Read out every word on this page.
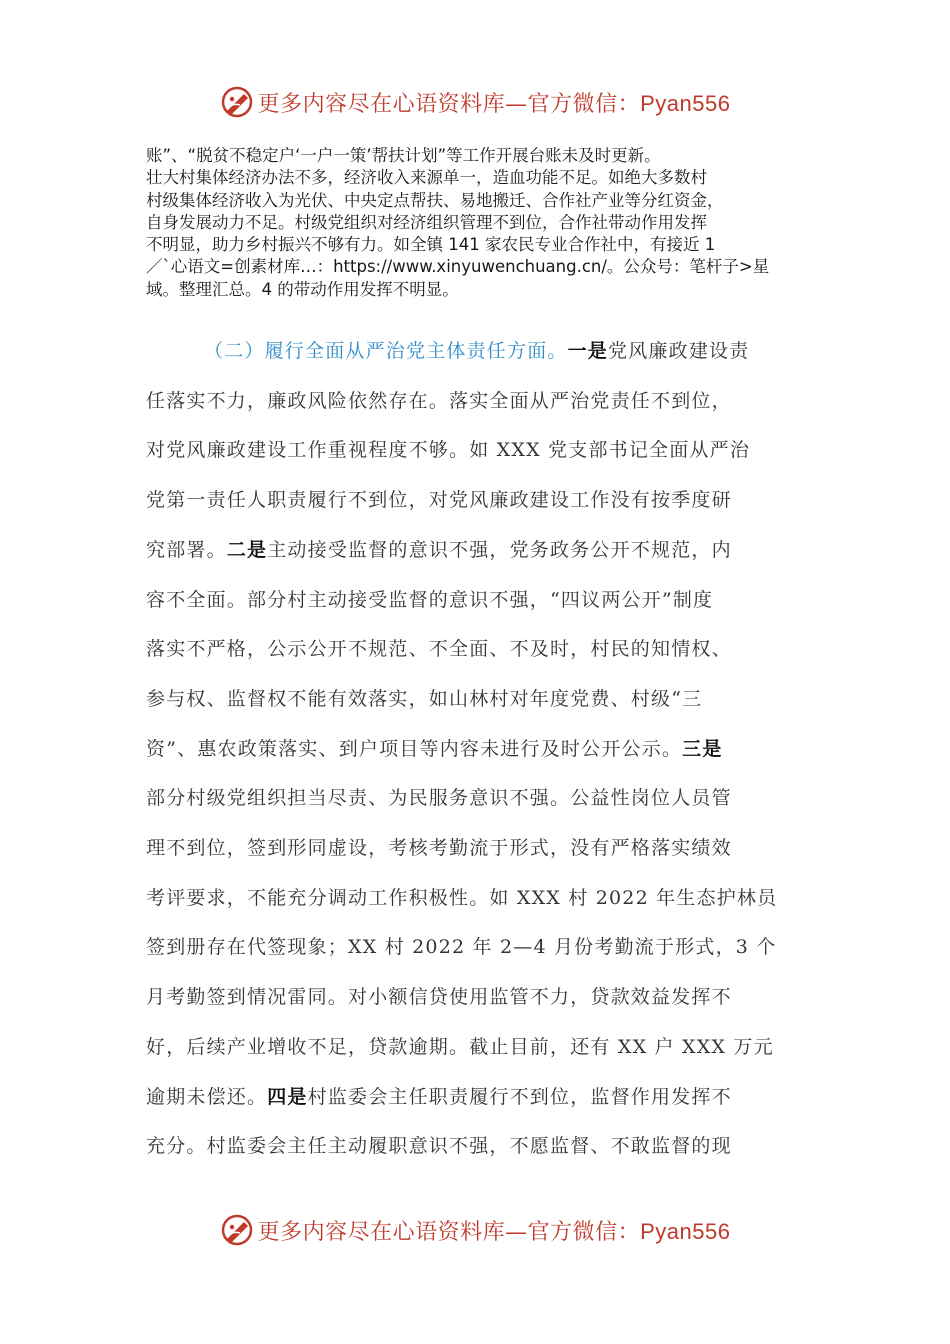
更多内容尽在心语资料库—官方微信：Pyan556

账”、“脱贫不稳定户‘一户一策’帮扶计划”等工作开展台账未及时更新。

壮大村集体经济办法不多，经济收入来源单一，造血功能不足。如绝大多数村

村级集体经济收入为光伏、中央定点帮扶、易地搬迁、合作社产业等分红资金，

自身发展动力不足。村级党组织对经济组织管理不到位，合作社带动作用发挥

不明显，助力乡村振兴不够有力。如全镇 141 家农民专业合作社中，有接近 1

／`心语文=创素材库…：https://www.xinyuwenchuang.cn/。公众号：笔杆子>星

域。整理汇总。4 的带动作用发挥不明显。

（二）履行全面从严治党主体责任方面。一是党风廉政建设责

任落实不力，廉政风险依然存在。落实全面从严治党责任不到位，

对党风廉政建设工作重视程度不够。如 XXX 党支部书记全面从严治

党第一责任人职责履行不到位，对党风廉政建设工作没有按季度研

究部署。二是主动接受监督的意识不强，党务政务公开不规范，内

容不全面。部分村主动接受监督的意识不强，“四议两公开”制度

落实不严格，公示公开不规范、不全面、不及时，村民的知情权、

参与权、监督权不能有效落实，如山林村对年度党费、村级“三

资”、惠农政策落实、到户项目等内容未进行及时公开公示。三是

部分村级党组织担当尽责、为民服务意识不强。公益性岗位人员管

理不到位，签到形同虚设，考核考勤流于形式，没有严格落实绩效

考评要求，不能充分调动工作积极性。如 XXX 村 2022 年生态护林员

签到册存在代签现象；XX 村 2022 年 2—4 月份考勤流于形式，3 个

月考勤签到情况雷同。对小额信贷使用监管不力，贷款效益发挥不

好，后续产业增收不足，贷款逾期。截止目前，还有 XX 户 XXX 万元

逾期未偿还。四是村监委会主任职责履行不到位，监督作用发挥不

充分。村监委会主任主动履职意识不强，不愿监督、不敢监督的现

更多内容尽在心语资料库—官方微信：Pyan556
